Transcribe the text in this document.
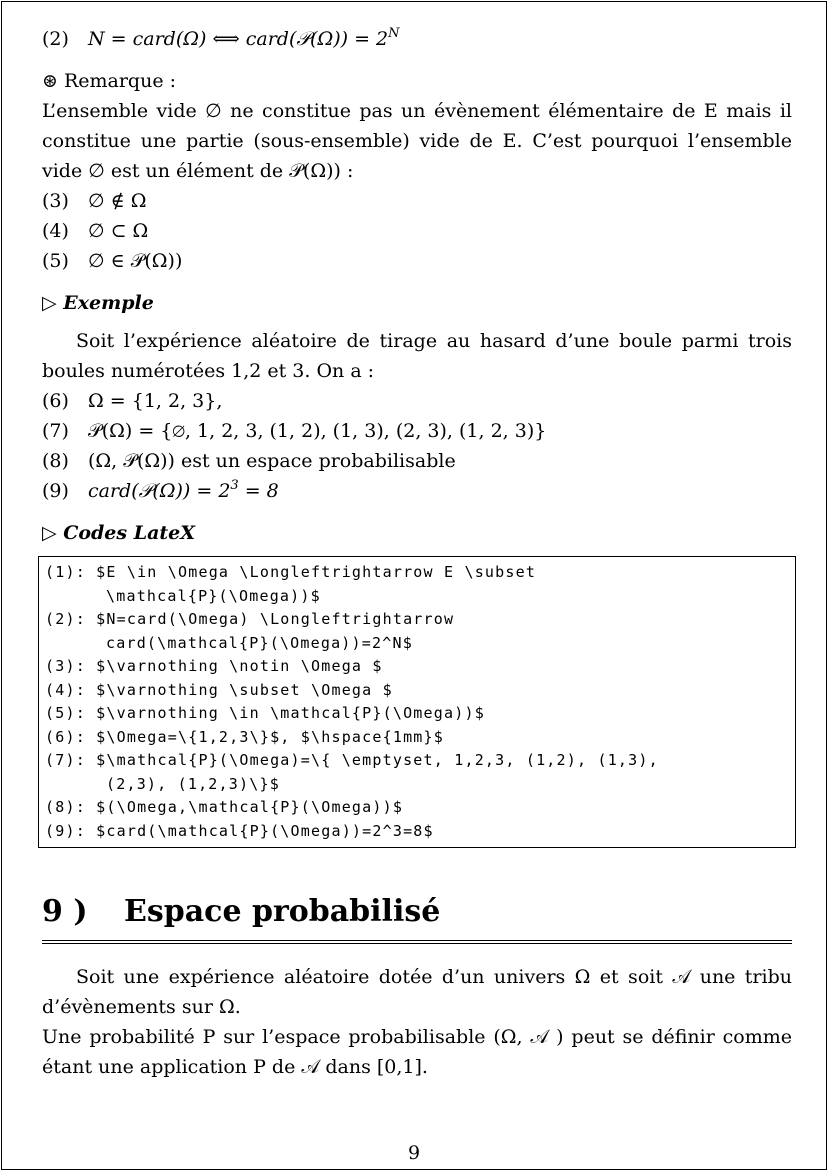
(2)	N = card(Ω) ⟺ card(𝒫(Ω)) = $2^N$

⊛ Remarque :

L’ensemble vide ∅ ne constitue pas un évènement élémentaire de E mais il constitue une partie (sous-ensemble) vide de E. C’est pourquoi l’ensemble vide ∅ est un élément de 𝒫(Ω)) :

(3)	∅ ∉ Ω
(4)	∅ ⊂ Ω
(5)	∅ ∈ 𝒫(Ω))

▷ Exemple

Soit l’expérience aléatoire de tirage au hasard d’une boule parmi trois boules numérotées 1,2 et 3. On a :

(6)	Ω = {1, 2, 3},
(7)	𝒫(Ω) = {∅, 1, 2, 3, (1, 2), (1, 3), (2, 3), (1, 2, 3)}
(8)	(Ω, 𝒫(Ω)) est un espace probabilisable
(9)	card(𝒫(Ω)) = $2^3 = 8$

▷ Codes LateX

(1): $E \in \Omega \Longleftrightarrow E \subset
\mathcal{P}(\Omega))$
(2): $N=card(\Omega) \Longleftrightarrow
card(\mathcal{P}(\Omega))=2^N$
(3): $\varnothing \notin \Omega $
(4): $\varnothing \subset \Omega $
(5): $\varnothing \in \mathcal{P}(\Omega))$
(6): $\Omega=\{1,2,3\}$, $\hspace{1mm}$
(7): $\mathcal{P}(\Omega)=\{ \emptyset, 1,2,3, (1,2), (1,3),
(2,3), (1,2,3)\}$
(8): $(\Omega,\mathcal{P}(\Omega))$
(9): $card(\mathcal{P}(\Omega))=2^3=8$
9 )	Espace probabilisé

Soit une expérience aléatoire dotée d’un univers Ω et soit 𝒜 une tribu d’évènements sur Ω.

Une probabilité P sur l’espace probabilisable (Ω, 𝒜 ) peut se définir comme étant une application P de 𝒜 dans [0,1].

9
